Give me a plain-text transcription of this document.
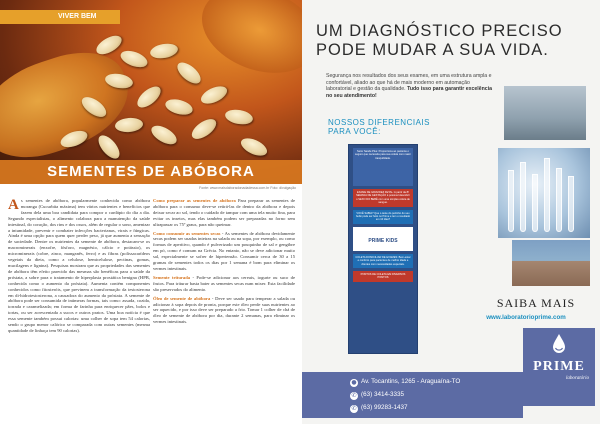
VIVER BEM
SEMENTES DE ABÓBORA
Fonte: www.maisdaboradonadadessa.com.br Foto: divulgação

As sementes de abóbora, popularmente conhecida como abóbora moranga (Cucurbita máxima) tem vários nutrientes e benefícios que fazem dela uma boa candidata para compor o cardápio do dia a dia. Segundo especialistas, o alimento colabora para a manutenção da saúde intestinal, do coração, dos rins e dos ossos, além de regular o sono, amenizar a intumidade, prevenir e combater infecções bacterianas, virais e fúngicas. Ainda é uma opção para quem quer perder peso, já que aumenta a sensação de saciedade. Dentre os nutrientes da semente de abóbora, destacam-se os macrominerais (enxofre, fósforo, magnésio, cálcio e potássio), os microminerais (cobre, zinco, manganês, ferro) e as fibras (polissacarídeos vegetais da dieta, como a celulose, hemicelulose, pectinas, gomas, mucilagens e lignina). Pesquisas mostram que as propriedades das sementes de abóbora têm efeito parecido das mesmas são benéficas para a saúde da próstata, a sobre para o tratamento de hiperplasia prostática benigna (HPB, conhecida como o aumento da próstata). Aumenta contém componentes conhecidos como fitosteróis, que previnem a transformação da testosterona em di-hidrotestosterona, a causadora do aumento da próstata. A semente de abóbora pode ser consumida de inúmeras formas, tais como: assada, cozida, torrada e caramelizada; em forma de farinha para enriquecer pães, bolos e tortas, ou ser acrescentada a sucos e outros pratos. Uma boa notícia é que essa semente também possui calorias: uma colher de sopa tem 54 calorias, sendo o grupo menor calórico se comparada com outras sementes (mesma quantidade de linhaça tem 90 calorias).

Como preparar as sementes de abóbora Para preparar as sementes de abóbora para o consumo deve-se retirá-las de dentro da abóbora e depois deixar secar ao sol, tendo o cuidado de tampar com uma tela muito fina, para evitar os insetos, mas elas também podem ser preparadas no forno sem ultrapassar os 75º graus, para não queimar.

Como consumir as sementes secas - As sementes de abóbora devidamente secas podem ser usadas inteiras na salada ou na sopa, por exemplo, ou como formas de aperitivo, quando é pulverizado um pouquinho de sal e gengibre em pó, como é comum na Grécia. No entanto, não se deve adicionar muito sal, especialmente se sofrer de hipertensão. Consumir cerca de 30 a 15 gramas de sementes todos os dias por 1 semana é bom para eliminar os vermes intestinais.

Semente triturada - Pode-se adicionar aos cereais, iogurte ou suco de frutos. Para triturar basta bater as sementes secas num mixer. Esta facilidade são preservados do alimento.

Óleo de semente de abóbora - Deve ser usado para temperar a salada ou adicionar à sopa depois de pronta, porque este óleo perde suas nutrientes ao ser aquecido, e por isso deve ser preparado a frio. Tomar 1 colher de chá de óleo de semente de abóbora por dia, durante 2 semanas, para eliminar os vermes intestinais.

UM DIAGNÓSTICO PRECISO PODE MUDAR A SUA VIDA.
Segurança nos resultados dos seus exames, em uma estrutura ampla e confortável, aliado ao que há de mais moderno em automação laboratorial e gestão da qualidade. Tudo isso para garantir excelência no seu atendimento!
NOSSOS DIFERENCIAIS PARA VOCÊ:
Setor Saúde Plus: Proporciona ao paciente o seguro que necessita para sua coleta com maior tranquilidade.
EXAME DE GRAVIDEZ FETAL: A partir da 8ª SEMANA DE GESTAÇÃO é possível descobrir o SEXO DO BEBÊ com uma simples coleta de sangue.
VOCÊ SABIA? Que o teste do pezinho do seu bebê pode ser feito no Prime e tem o resultado em 10 dias?
PRIME KIDS
COLETA DOMICILIAR DE EXAMES: Bem-estar e conforto para pacientes de melhor idade e clientes com necessidades especiais.
PONTOS DE COLETA EM DIVERSOS PONTOS
SAIBA MAIS
www.laboratorioprime.com
● Av. Tocantins, 1265 - Araguaína-TO
✆ (63) 3414-3335
✆ (63) 99283-1437
PRIME
laboratório
